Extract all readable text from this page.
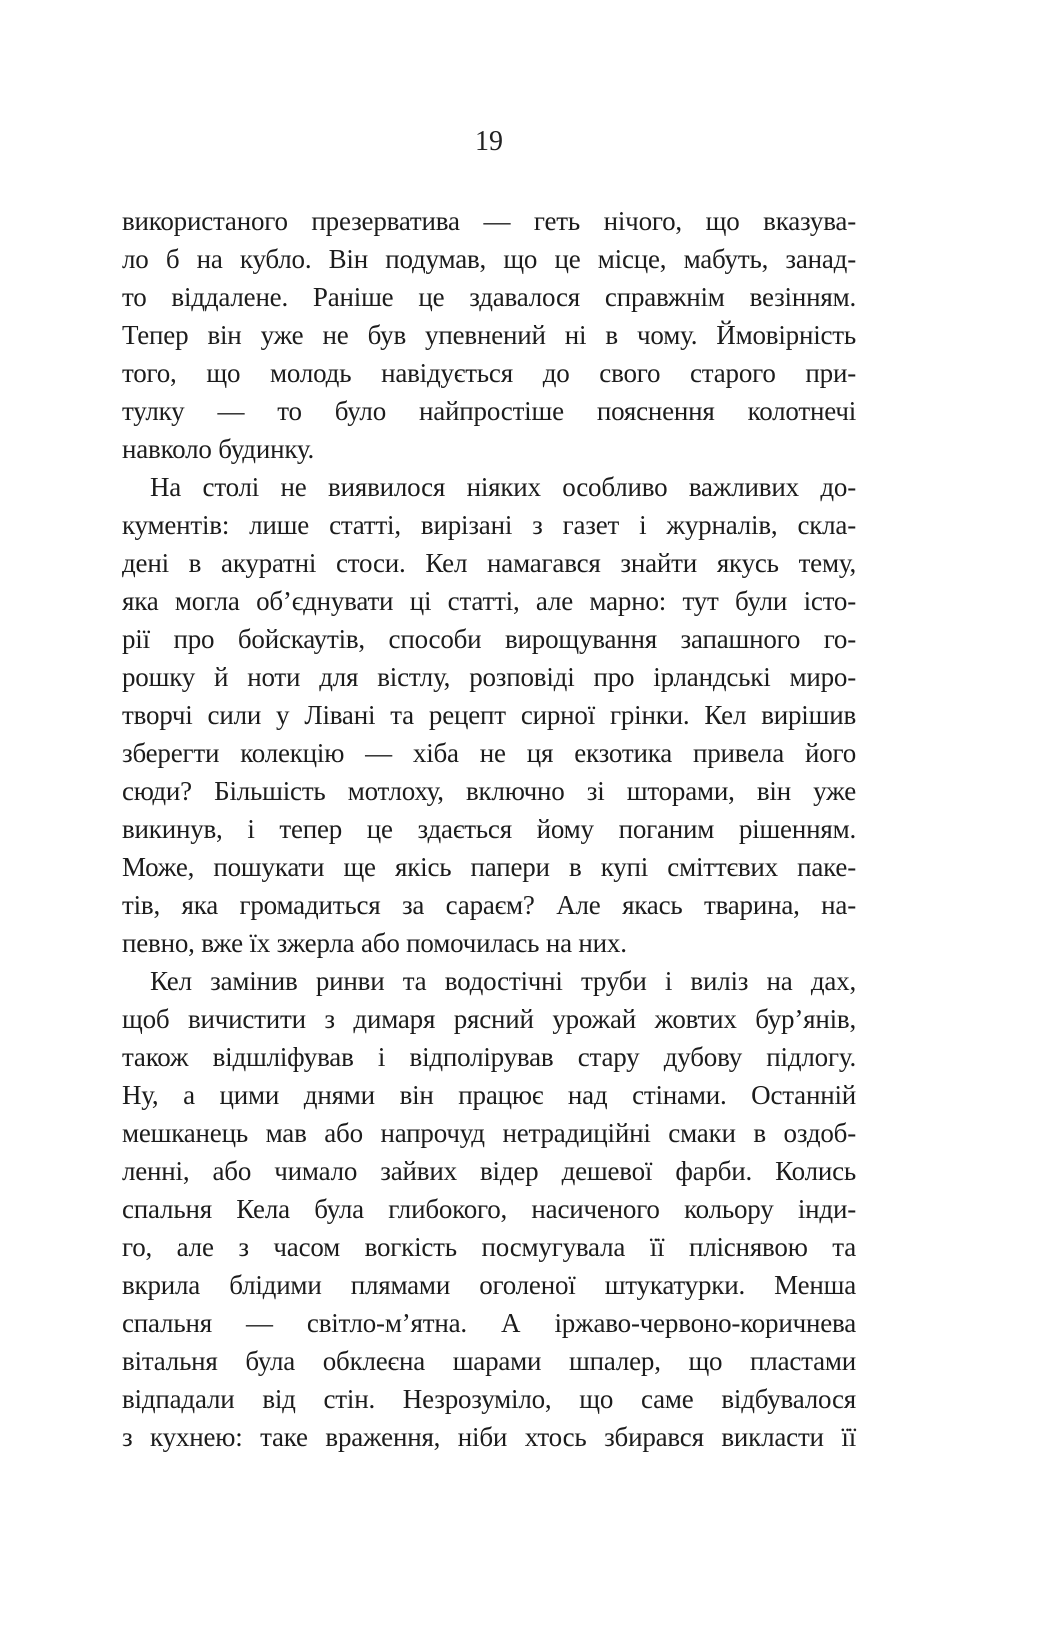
19
використаного презерватива — геть нічого, що вказува-
ло б на кубло. Він подумав, що це місце, мабуть, занад-
то віддалене. Раніше це здавалося справжнім везінням.
Тепер він уже не був упевнений ні в чому. Ймовірність
того, що молодь навідується до свого старого при-
тулку — то було найпростіше пояснення колотнечі
навколо будинку.
На столі не виявилося ніяких особливо важливих до-
кументів: лише статті, вирізані з газет і журналів, скла-
дені в акуратні стоси. Кел намагався знайти якусь тему,
яка могла об’єднувати ці статті, але марно: тут були істо-
рії про бойскаутів, способи вирощування запашного го-
рошку й ноти для вістлу, розповіді про ірландські миро-
творчі сили у Лівані та рецепт сирної грінки. Кел вирішив
зберегти колекцію — хіба не ця екзотика привела його
сюди? Більшість мотлоху, включно зі шторами, він уже
викинув, і тепер це здається йому поганим рішенням.
Може, пошукати ще якісь папери в купі сміттєвих паке-
тів, яка громадиться за сараєм? Але якась тварина, на-
певно, вже їх зжерла або помочилась на них.
Кел замінив ринви та водостічні труби і виліз на дах,
щоб вичистити з димаря рясний урожай жовтих бур’янів,
також відшліфував і відполірував стару дубову підлогу.
Ну, а цими днями він працює над стінами. Останній
мешканець мав або напрочуд нетрадиційні смаки в оздоб-
ленні, або чимало зайвих відер дешевої фарби. Колись
спальня Кела була глибокого, насиченого кольору інди-
го, але з часом вогкість посмугувала її пліснявою та
вкрила блідими плямами оголеної штукатурки. Менша
спальня — світло-м’ятна. А іржаво-червоно-коричнева
вітальня була обклеєна шарами шпалер, що пластами
відпадали від стін. Незрозуміло, що саме відбувалося
з кухнею: таке враження, ніби хтось збирався викласти її
